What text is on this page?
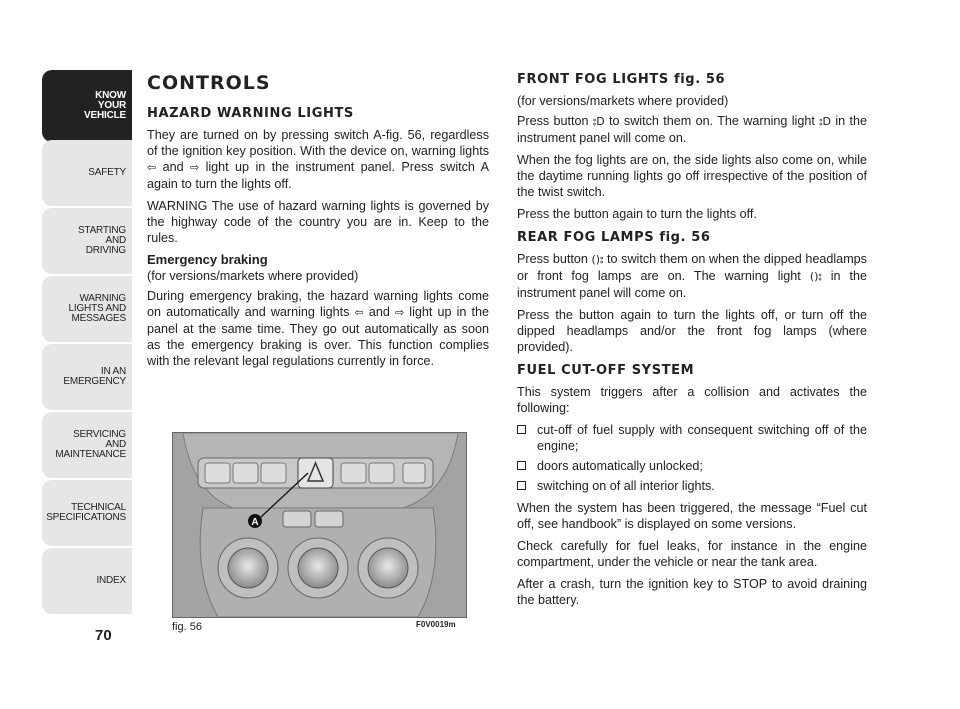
KNOW
YOUR
VEHICLE
SAFETY
STARTING
AND
DRIVING
WARNING
LIGHTS AND
MESSAGES
IN AN
EMERGENCY
SERVICING
AND
MAINTENANCE
TECHNICAL
SPECIFICATIONS
INDEX
70
CONTROLS
HAZARD WARNING LIGHTS

They are turned on by pressing switch A-fig. 56, regardless of the ignition key position. With the device on, warning lights ⇦ and ⇨ light up in the instrument panel. Press switch A again to turn the lights off.

WARNING The use of hazard warning lights is governed by the highway code of the country you are in. Keep to the rules.

Emergency braking
(for versions/markets where provided)

During emergency braking, the hazard warning lights come on automatically and warning lights ⇦ and ⇨ light up in the panel at the same time. They go out automatically as soon as the emergency braking is over. This function complies with the relevant legal regulations currently in force.

A
fig. 56	F0V0019m
FRONT FOG LIGHTS fig. 56
(for versions/markets where provided)

Press button ⦂D to switch them on. The warning light ⦂D in the instrument panel will come on.

When the fog lights are on, the side lights also come on, while the daytime running lights go off irrespective of the position of the twist switch.

Press the button again to turn the lights off.

REAR FOG LAMPS fig. 56

Press button ()⦂ to switch them on when the dipped headlamps or front fog lamps are on. The warning light ()⦂ in the instrument panel will come on.

Press the button again to turn the lights off, or turn off the dipped headlamps and/or the front fog lamps (where provided).

FUEL CUT-OFF SYSTEM

This system triggers after a collision and activates the following:

cut-off of fuel supply with consequent switching off of the engine;
doors automatically unlocked;
switching on of all interior lights.

When the system has been triggered, the message “Fuel cut off, see handbook” is displayed on some versions.

Check carefully for fuel leaks, for instance in the engine compartment, under the vehicle or near the tank area.

After a crash, turn the ignition key to STOP to avoid draining the battery.
